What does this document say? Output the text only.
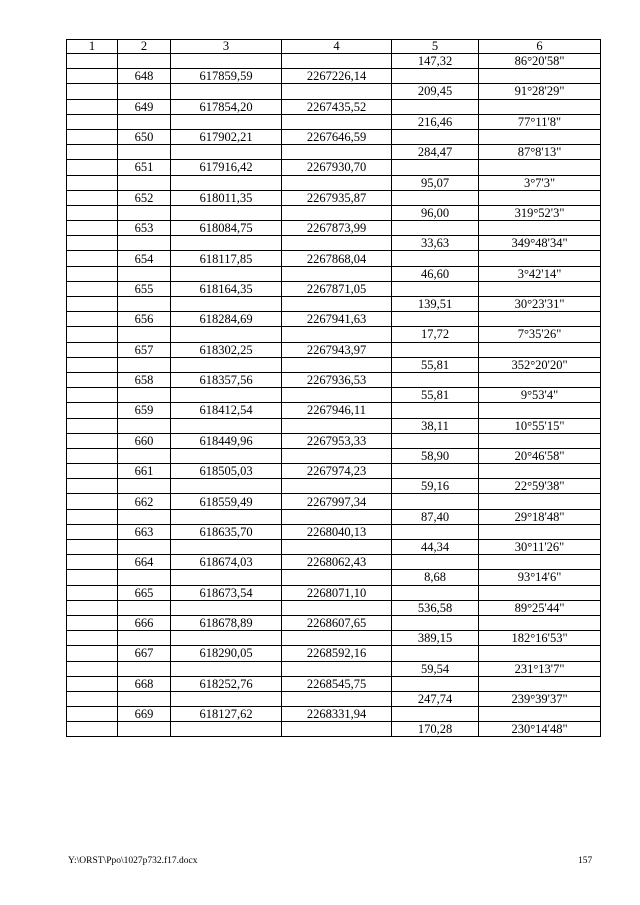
1	2	3	4	5	6
				147,32	86°20'58"
	648	617859,59	2267226,14		
				209,45	91°28'29"
	649	617854,20	2267435,52		
				216,46	77°11'8"
	650	617902,21	2267646,59		
				284,47	87°8'13"
	651	617916,42	2267930,70		
				95,07	3°7'3"
	652	618011,35	2267935,87		
				96,00	319°52'3"
	653	618084,75	2267873,99		
				33,63	349°48'34"
	654	618117,85	2267868,04		
				46,60	3°42'14"
	655	618164,35	2267871,05		
				139,51	30°23'31"
	656	618284,69	2267941,63		
				17,72	7°35'26"
	657	618302,25	2267943,97		
				55,81	352°20'20"
	658	618357,56	2267936,53		
				55,81	9°53'4"
	659	618412,54	2267946,11		
				38,11	10°55'15"
	660	618449,96	2267953,33		
				58,90	20°46'58"
	661	618505,03	2267974,23		
				59,16	22°59'38"
	662	618559,49	2267997,34		
				87,40	29°18'48"
	663	618635,70	2268040,13		
				44,34	30°11'26"
	664	618674,03	2268062,43		
				8,68	93°14'6"
	665	618673,54	2268071,10		
				536,58	89°25'44"
	666	618678,89	2268607,65		
				389,15	182°16'53"
	667	618290,05	2268592,16		
				59,54	231°13'7"
	668	618252,76	2268545,75		
				247,74	239°39'37"
	669	618127,62	2268331,94		
				170,28	230°14'48"
Y:\ORST\Ppo\1027p732.f17.docx	157
